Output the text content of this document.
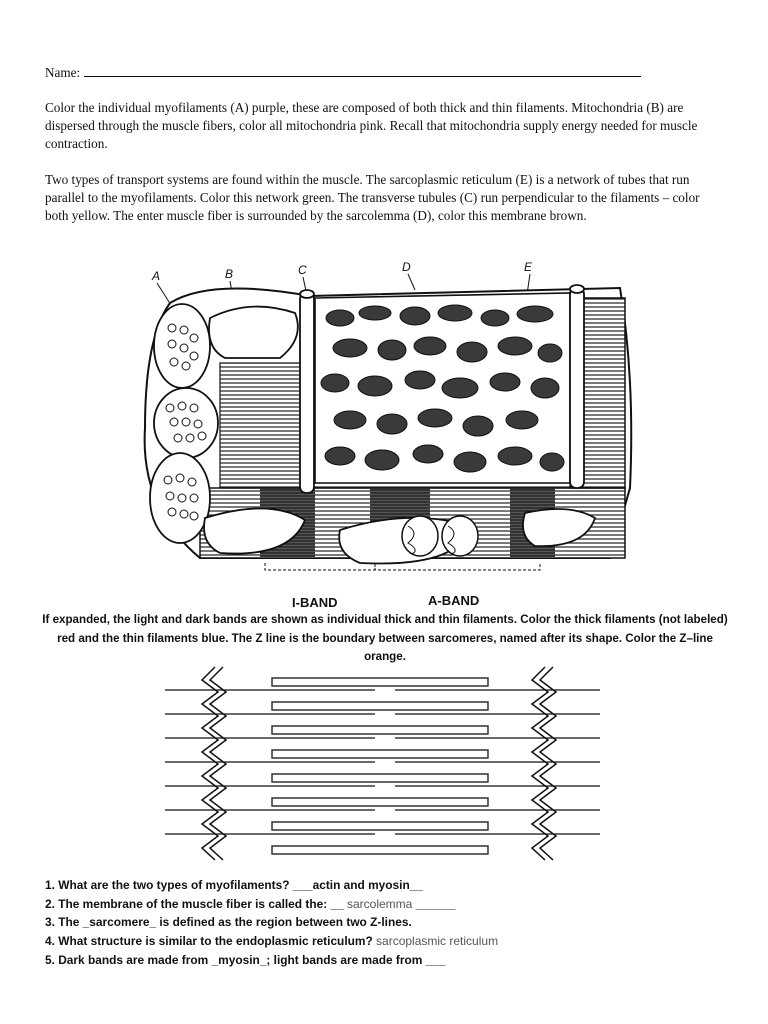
Name:

Color the individual myofilaments (A) purple, these are composed of both thick and thin filaments. Mitochondria (B) are dispersed through the muscle fibers, color all mitochondria pink. Recall that mitochondria supply energy needed for muscle contraction.

Two types of transport systems are found within the muscle. The sarcoplasmic reticulum (E) is a network of tubes that run parallel to the myofilaments. Color this network green. The transverse tubules (C) run perpendicular to the filaments – color both yellow. The enter muscle fiber is surrounded by the sarcolemma (D), color this membrane brown.

A	B	C	D	E
I-BAND	A-BAND

If expanded, the light and dark bands are shown as individual thick and thin filaments. Color the thick filaments (not labeled) red and the thin filaments blue. The Z line is the boundary between sarcomeres, named after its shape. Color the Z–line orange.

1. What are the two types of myofilaments? ___actin and myosin__
2. The membrane of the muscle fiber is called the: __ sarcolemma ______
3. The _sarcomere_ is defined as the region between two Z-lines.
4. What structure is similar to the endoplasmic reticulum? sarcoplasmic reticulum
5. Dark bands are made from _myosin_; light bands are made from ___
